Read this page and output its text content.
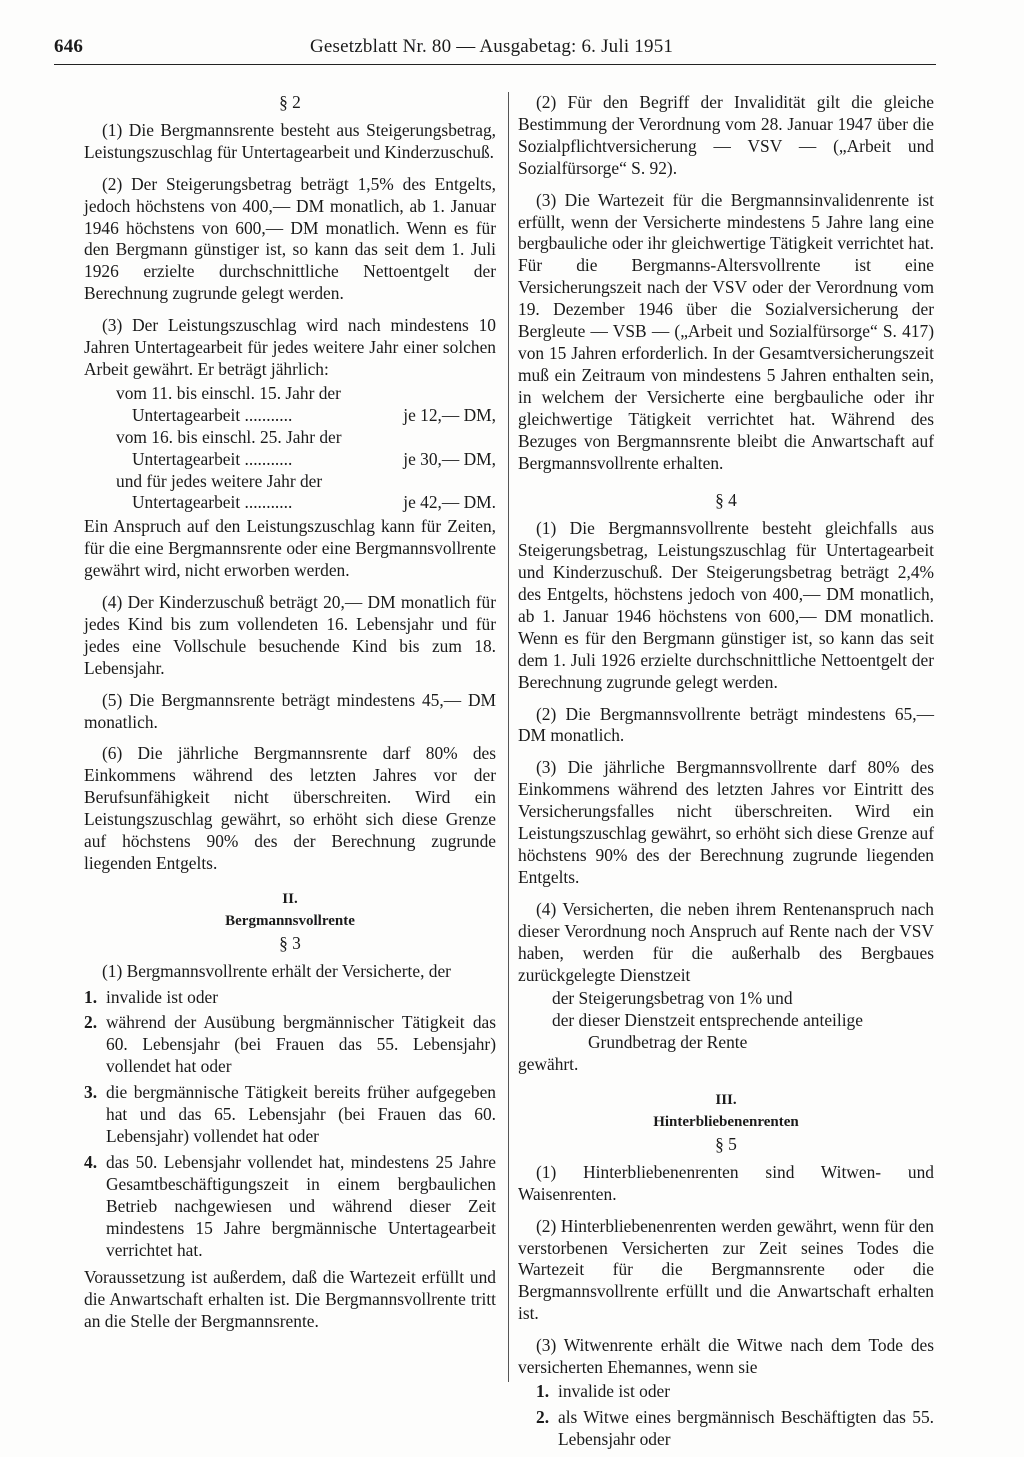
646	Gesetzblatt Nr. 80 — Ausgabetag: 6. Juli 1951
§ 2

(1) Die Bergmannsrente besteht aus Steigerungsbetrag, Leistungszuschlag für Untertagearbeit und Kinderzuschuß.

(2) Der Steigerungsbetrag beträgt 1,5% des Entgelts, jedoch höchstens von 400,— DM monatlich, ab 1. Januar 1946 höchstens von 600,— DM monatlich. Wenn es für den Bergmann günstiger ist, so kann das seit dem 1. Juli 1926 erzielte durchschnittliche Nettoentgelt der Berechnung zugrunde gelegt werden.

(3) Der Leistungszuschlag wird nach mindestens 10 Jahren Untertagearbeit für jedes weitere Jahr einer solchen Arbeit gewährt. Er beträgt jährlich:

vom 11. bis einschl. 15. Jahr der
Untertagearbeit ...........	je 12,— DM,
vom 16. bis einschl. 25. Jahr der
Untertagearbeit ...........	je 30,— DM,
und für jedes weitere Jahr der
Untertagearbeit ...........	je 42,— DM.

Ein Anspruch auf den Leistungszuschlag kann für Zeiten, für die eine Bergmannsrente oder eine Bergmannsvollrente gewährt wird, nicht erworben werden.

(4) Der Kinderzuschuß beträgt 20,— DM monatlich für jedes Kind bis zum vollendeten 16. Lebensjahr und für jedes eine Vollschule besuchende Kind bis zum 18. Lebensjahr.

(5) Die Bergmannsrente beträgt mindestens 45,— DM monatlich.

(6) Die jährliche Bergmannsrente darf 80% des Einkommens während des letzten Jahres vor der Berufsunfähigkeit nicht überschreiten. Wird ein Leistungszuschlag gewährt, so erhöht sich diese Grenze auf höchstens 90% des der Berechnung zugrunde liegenden Entgelts.

II.
Bergmannsvollrente
§ 3

(1) Bergmannsvollrente erhält der Versicherte, der

1. invalide ist oder
2. während der Ausübung bergmännischer Tätigkeit das 60. Lebensjahr (bei Frauen das 55. Lebensjahr) vollendet hat oder
3. die bergmännische Tätigkeit bereits früher aufgegeben hat und das 65. Lebensjahr (bei Frauen das 60. Lebensjahr) vollendet hat oder
4. das 50. Lebensjahr vollendet hat, mindestens 25 Jahre Gesamtbeschäftigungszeit in einem bergbaulichen Betrieb nachgewiesen und während dieser Zeit mindestens 15 Jahre bergmännische Untertagearbeit verrichtet hat.

Voraussetzung ist außerdem, daß die Wartezeit erfüllt und die Anwartschaft erhalten ist. Die Bergmannsvollrente tritt an die Stelle der Bergmannsrente.

(2) Für den Begriff der Invalidität gilt die gleiche Bestimmung der Verordnung vom 28. Januar 1947 über die Sozialpflichtversicherung — VSV — („Arbeit und Sozialfürsorge“ S. 92).

(3) Die Wartezeit für die Bergmannsinvalidenrente ist erfüllt, wenn der Versicherte mindestens 5 Jahre lang eine bergbauliche oder ihr gleichwertige Tätigkeit verrichtet hat. Für die Bergmanns-Altersvollrente ist eine Versicherungszeit nach der VSV oder der Verordnung vom 19. Dezember 1946 über die Sozialversicherung der Bergleute — VSB — („Arbeit und Sozialfürsorge“ S. 417) von 15 Jahren erforderlich. In der Gesamtversicherungszeit muß ein Zeitraum von mindestens 5 Jahren enthalten sein, in welchem der Versicherte eine bergbauliche oder ihr gleichwertige Tätigkeit verrichtet hat. Während des Bezuges von Bergmannsrente bleibt die Anwartschaft auf Bergmannsvollrente erhalten.

§ 4

(1) Die Bergmannsvollrente besteht gleichfalls aus Steigerungsbetrag, Leistungszuschlag für Untertagearbeit und Kinderzuschuß. Der Steigerungsbetrag beträgt 2,4% des Entgelts, höchstens jedoch von 400,— DM monatlich, ab 1. Januar 1946 höchstens von 600,— DM monatlich. Wenn es für den Bergmann günstiger ist, so kann das seit dem 1. Juli 1926 erzielte durchschnittliche Nettoentgelt der Berechnung zugrunde gelegt werden.

(2) Die Bergmannsvollrente beträgt mindestens 65,— DM monatlich.

(3) Die jährliche Bergmannsvollrente darf 80% des Einkommens während des letzten Jahres vor Eintritt des Versicherungsfalles nicht überschreiten. Wird ein Leistungszuschlag gewährt, so erhöht sich diese Grenze auf höchstens 90% des der Berechnung zugrunde liegenden Entgelts.

(4) Versicherten, die neben ihrem Rentenanspruch nach dieser Verordnung noch Anspruch auf Rente nach der VSV haben, werden für die außerhalb des Bergbaues zurückgelegte Dienstzeit

der Steigerungsbetrag von 1% und
der dieser Dienstzeit entsprechende anteilige
Grundbetrag der Rente
gewährt.
III.
Hinterbliebenenrenten
§ 5

(1) Hinterbliebenenrenten sind Witwen- und Waisenrenten.

(2) Hinterbliebenenrenten werden gewährt, wenn für den verstorbenen Versicherten zur Zeit seines Todes die Wartezeit für die Bergmannsrente oder die Bergmannsvollrente erfüllt und die Anwartschaft erhalten ist.

(3) Witwenrente erhält die Witwe nach dem Tode des versicherten Ehemannes, wenn sie

1. invalide ist oder
2. als Witwe eines bergmännisch Beschäftigten das 55. Lebensjahr oder
